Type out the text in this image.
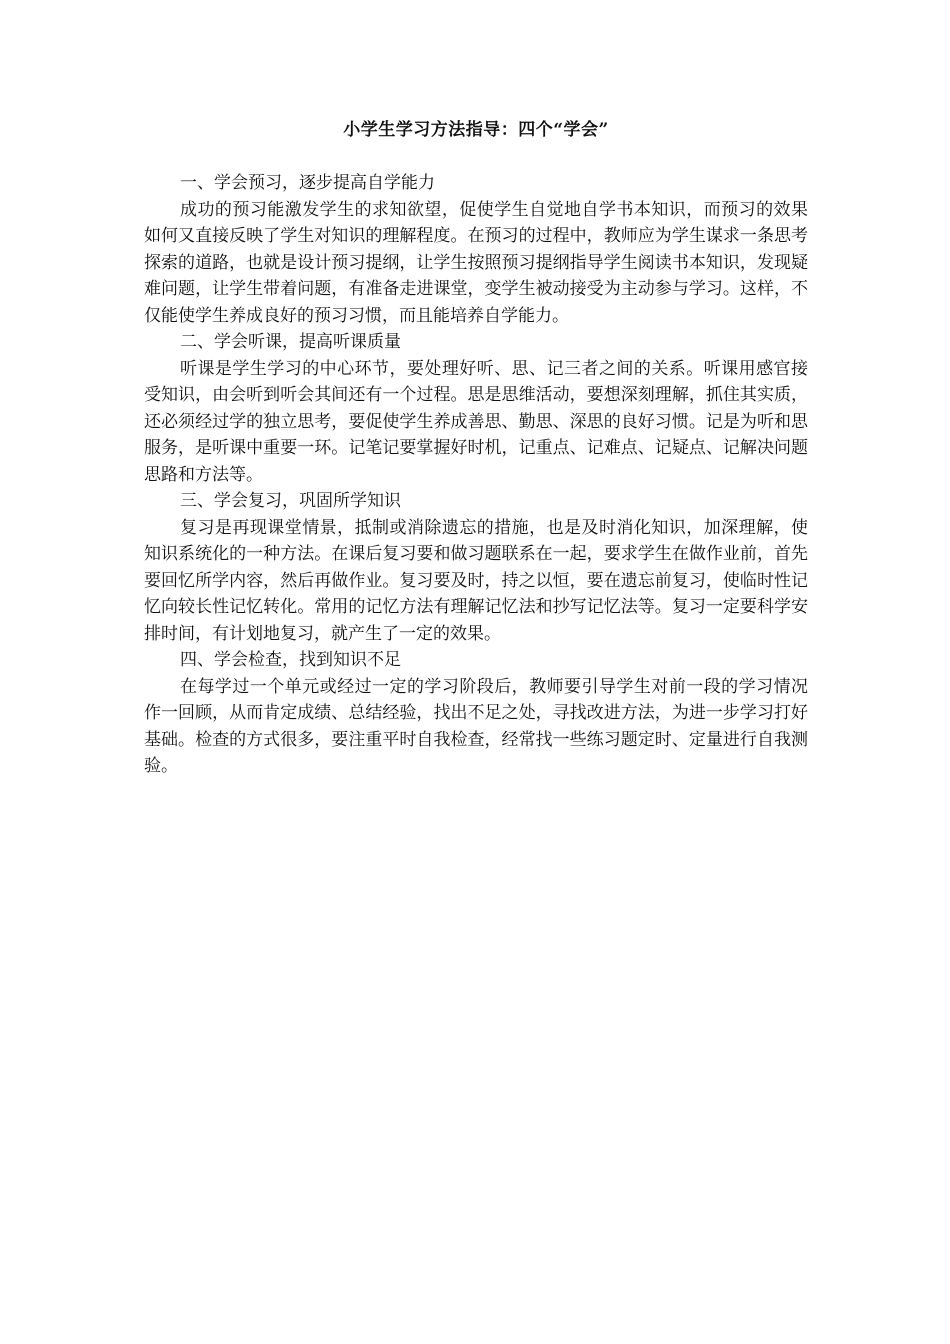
小学生学习方法指导：四个“学会”

一、学会预习，逐步提高自学能力

成功的预习能激发学生的求知欲望，促使学生自觉地自学书本知识，而预习的效果如何又直接反映了学生对知识的理解程度。在预习的过程中，教师应为学生谋求一条思考探索的道路，也就是设计预习提纲，让学生按照预习提纲指导学生阅读书本知识，发现疑难问题，让学生带着问题，有准备走进课堂，变学生被动接受为主动参与学习。这样，不仅能使学生养成良好的预习习惯，而且能培养自学能力。

二、学会听课，提高听课质量

听课是学生学习的中心环节，要处理好听、思、记三者之间的关系。听课用感官接受知识，由会听到听会其间还有一个过程。思是思维活动，要想深刻理解，抓住其实质，还必须经过学的独立思考，要促使学生养成善思、勤思、深思的良好习惯。记是为听和思服务，是听课中重要一环。记笔记要掌握好时机，记重点、记难点、记疑点、记解决问题思路和方法等。

三、学会复习，巩固所学知识

复习是再现课堂情景，抵制或消除遗忘的措施，也是及时消化知识，加深理解，使知识系统化的一种方法。在课后复习要和做习题联系在一起，要求学生在做作业前，首先要回忆所学内容，然后再做作业。复习要及时，持之以恒，要在遗忘前复习，使临时性记忆向较长性记忆转化。常用的记忆方法有理解记忆法和抄写记忆法等。复习一定要科学安排时间，有计划地复习，就产生了一定的效果。

四、学会检查，找到知识不足

在每学过一个单元或经过一定的学习阶段后，教师要引导学生对前一段的学习情况作一回顾，从而肯定成绩、总结经验，找出不足之处，寻找改进方法，为进一步学习打好基础。检查的方式很多，要注重平时自我检查，经常找一些练习题定时、定量进行自我测验。
